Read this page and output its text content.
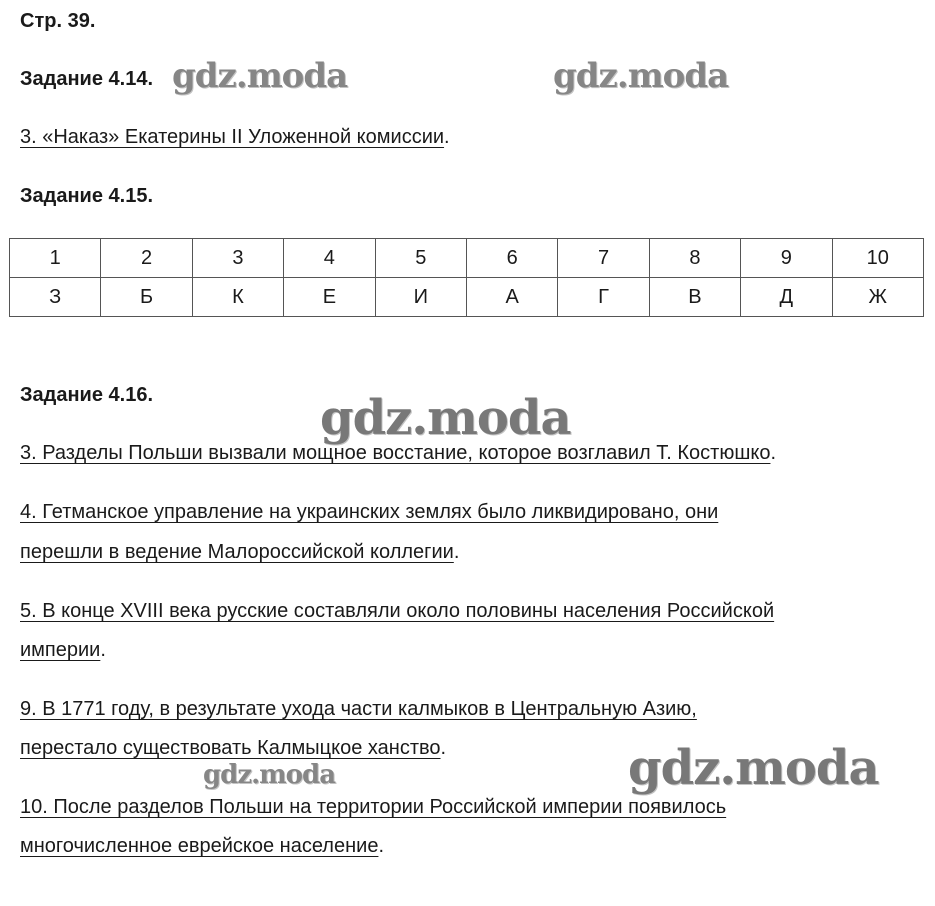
Стр. 39.
Задание 4.14.
3. «Наказ» Екатерины II Уложенной комиссии.
Задание 4.15.
1	2	3	4	5	6	7	8	9	10
З	Б	К	Е	И	А	Г	В	Д	Ж
Задание 4.16.
3. Разделы Польши вызвали мощное восстание, которое возглавил Т. Костюшко.
4. Гетманское управление на украинских землях было ликвидировано, они
перешли в ведение Малороссийской коллегии.
5. В конце XVIII века русские составляли около половины населения Российской
империи.
9. В 1771 году, в результате ухода части калмыков в Центральную Азию,
перестало существовать Калмыцкое ханство.
10. После разделов Польши на территории Российской империи появилось
многочисленное еврейское население.
gdz.moda	gdz.moda
gdz.moda
gdz.moda	gdz.moda
